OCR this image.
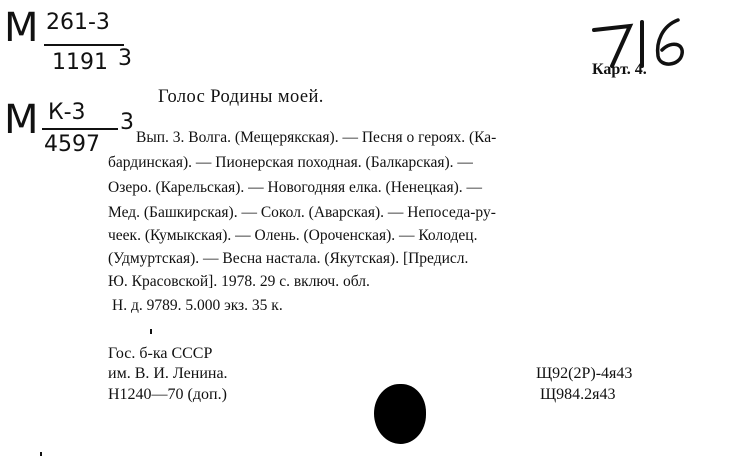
М 261-3
1191 3
М К-3
4597
3
Карт. 4.
Голос Родины моей.
Вып. 3. Волга. (Мещерякская). — Песня о героях. (Ка-
бардинская). — Пионерская походная. (Балкарская). —
Озеро. (Карельская). — Новогодняя елка. (Ненецкая). —
Мед. (Башкирская). — Сокол. (Аварская). — Непоседа-ру-
чеек. (Кумыкская). — Олень. (Ороченская). — Колодец.
(Удмуртская). — Весна настала. (Якутская). [Предисл.
Ю. Красовской]. 1978. 29 с. включ. обл.
Н. д. 9789. 5.000 экз. 35 к.
Гос. б-ка СССР
им. В. И. Ленина.
Н1240—70 (доп.)
Щ92(2Р)-4я43
Щ984.2я43
